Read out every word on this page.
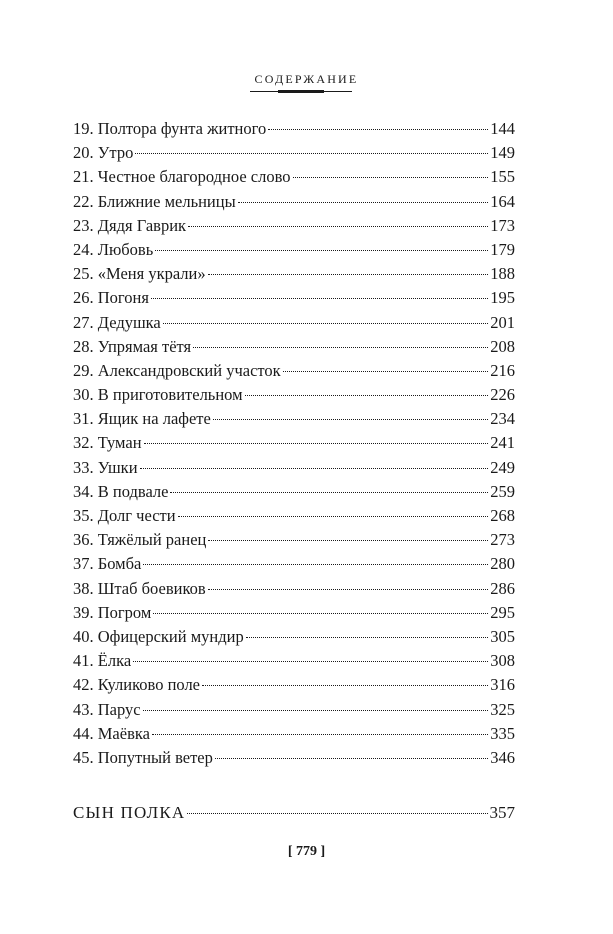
СОДЕРЖАНИЕ
19. Полтора фунта житного	144
20. Утро	149
21. Честное благородное слово	155
22. Ближние мельницы	164
23. Дядя Гаврик	173
24. Любовь	179
25. «Меня украли»	188
26. Погоня	195
27. Дедушка	201
28. Упрямая тётя	208
29. Александровский участок	216
30. В приготовительном	226
31. Ящик на лафете	234
32. Туман	241
33. Ушки	249
34. В подвале	259
35. Долг чести	268
36. Тяжёлый ранец	273
37. Бомба	280
38. Штаб боевиков	286
39. Погром	295
40. Офицерский мундир	305
41. Ёлка	308
42. Куликово поле	316
43. Парус	325
44. Маёвка	335
45. Попутный ветер	346
СЫН ПОЛКА	357
[ 779 ]
